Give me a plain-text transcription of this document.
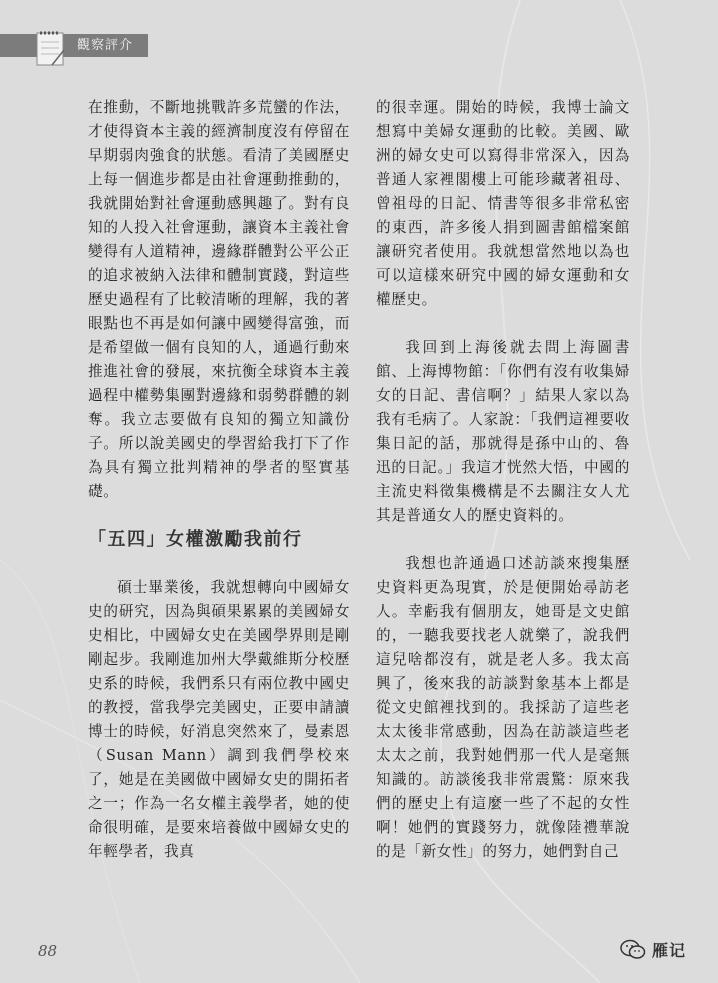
觀察評介

在推動，不斷地挑戰許多荒蠻的作法，才使得資本主義的經濟制度沒有停留在早期弱肉強食的狀態。看清了美國歷史上每一個進步都是由社會運動推動的，我就開始對社會運動感興趣了。對有良知的人投入社會運動，讓資本主義社會變得有人道精神，邊緣群體對公平公正的追求被納入法律和體制實踐，對這些歷史過程有了比較清晰的理解，我的著眼點也不再是如何讓中國變得富強，而是希望做一個有良知的人，通過行動來推進社會的發展，來抗衡全球資本主義過程中權勢集團對邊緣和弱勢群體的剝奪。我立志要做有良知的獨立知識份子。所以說美國史的學習給我打下了作為具有獨立批判精神的學者的堅實基礎。

「五四」女權激勵我前行

碩士畢業後，我就想轉向中國婦女史的研究，因為與碩果累累的美國婦女史相比，中國婦女史在美國學界則是剛剛起步。我剛進加州大學戴維斯分校歷史系的時候，我們系只有兩位教中國史的教授，當我學完美國史，正要申請讀博士的時候，好消息突然來了，曼素恩（Susan Mann）調到我們學校來了，她是在美國做中國婦女史的開拓者之一；作為一名女權主義學者，她的使命很明確，是要來培養做中國婦女史的年輕學者，我真

的很幸運。開始的時候，我博士論文想寫中美婦女運動的比較。美國、歐洲的婦女史可以寫得非常深入，因為普通人家裡閣樓上可能珍藏著祖母、曾祖母的日記、情書等很多非常私密的東西，許多後人捐到圖書館檔案館讓研究者使用。我就想當然地以為也可以這樣來研究中國的婦女運動和女權歷史。

我回到上海後就去問上海圖書館、上海博物館：「你們有沒有收集婦女的日記、書信啊？」結果人家以為我有毛病了。人家說：「我們這裡要收集日記的話，那就得是孫中山的、魯迅的日記。」我這才恍然大悟，中國的主流史料徵集機構是不去關注女人尤其是普通女人的歷史資料的。

我想也許通過口述訪談來搜集歷史資料更為現實，於是便開始尋訪老人。幸虧我有個朋友，她哥是文史館的，一聽我要找老人就樂了，說我們這兒啥都沒有，就是老人多。我太高興了，後來我的訪談對象基本上都是從文史館裡找到的。我採訪了這些老太太後非常感動，因為在訪談這些老太太之前，我對她們那一代人是毫無知識的。訪談後我非常震驚：原來我們的歷史上有這麼一些了不起的女性啊！她們的實踐努力，就像陸禮華說的是「新女性」的努力，她們對自己

88	雁记
